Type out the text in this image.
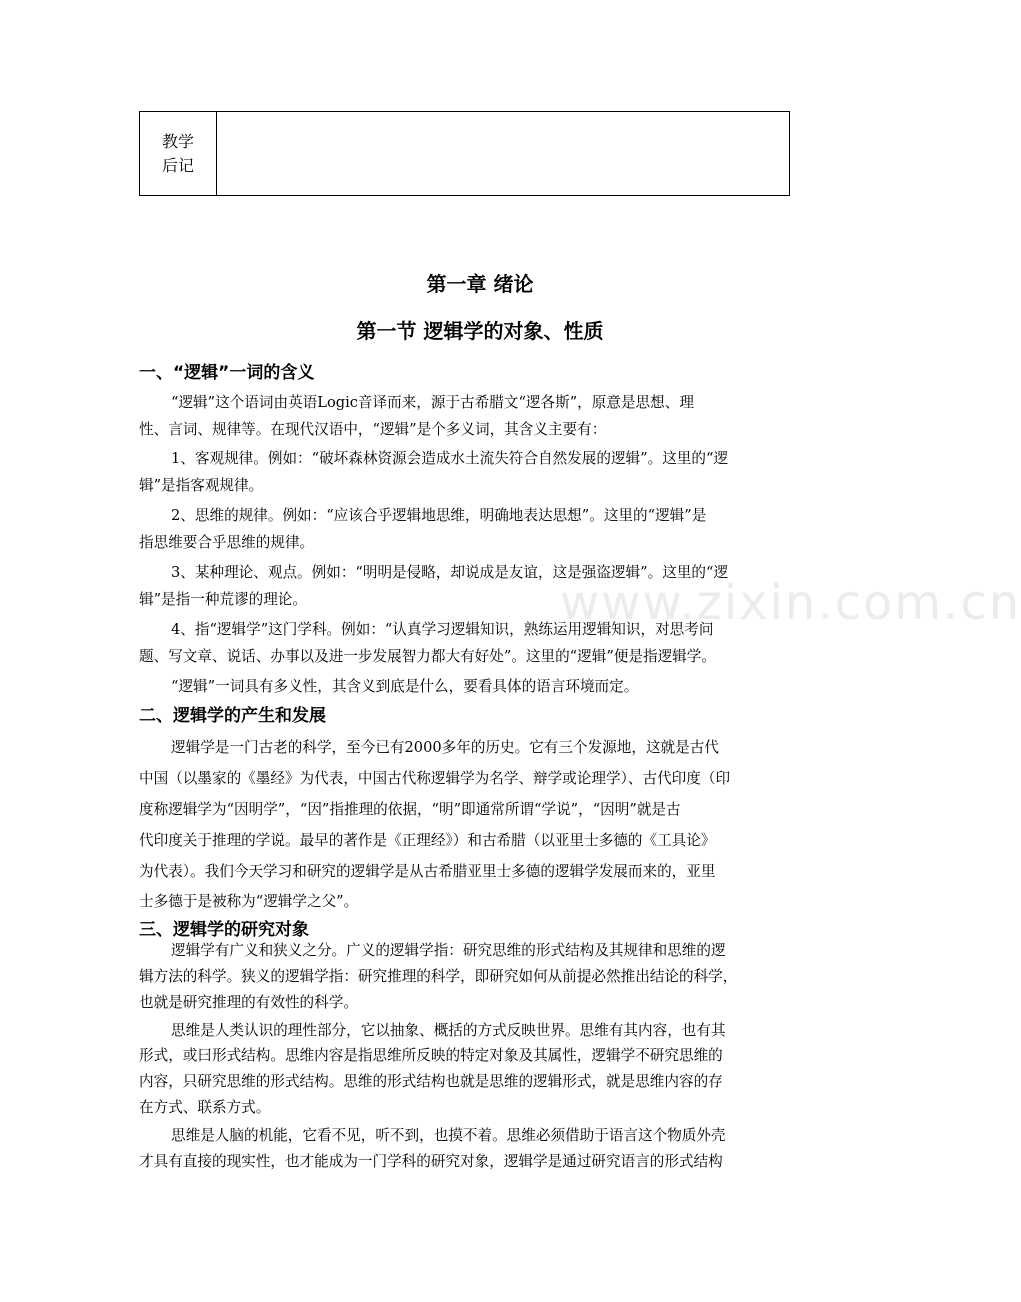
教学
后记

第一章 绪论
第一节 逻辑学的对象、性质
一、“逻辑”一词的含义
“逻辑”这个语词由英语Logic音译而来，源于古希腊文“逻各斯”，原意是思想、理
性、言词、规律等。在现代汉语中，“逻辑”是个多义词，其含义主要有：
1、客观规律。例如：“破坏森林资源会造成水土流失符合自然发展的逻辑”。这里的“逻
辑”是指客观规律。
2、思维的规律。例如：“应该合乎逻辑地思维，明确地表达思想”。这里的“逻辑”是
指思维要合乎思维的规律。
3、某种理论、观点。例如：“明明是侵略，却说成是友谊，这是强盗逻辑”。这里的“逻
辑”是指一种荒谬的理论。
4、指“逻辑学”这门学科。例如：“认真学习逻辑知识，熟练运用逻辑知识，对思考问
题、写文章、说话、办事以及进一步发展智力都大有好处”。这里的“逻辑”便是指逻辑学。
“逻辑”一词具有多义性，其含义到底是什么，要看具体的语言环境而定。
二、逻辑学的产生和发展
逻辑学是一门古老的科学，至今已有2000多年的历史。它有三个发源地，这就是古代
中国（以墨家的《墨经》为代表，中国古代称逻辑学为名学、辩学或论理学）、古代印度（印
度称逻辑学为“因明学”，“因”指推理的依据，“明”即通常所谓“学说”，“因明”就是古
代印度关于推理的学说。最早的著作是《正理经》）和古希腊（以亚里士多德的《工具论》
为代表）。我们今天学习和研究的逻辑学是从古希腊亚里士多德的逻辑学发展而来的，亚里
士多德于是被称为“逻辑学之父”。
三、逻辑学的研究对象
逻辑学有广义和狭义之分。广义的逻辑学指：研究思维的形式结构及其规律和思维的逻
辑方法的科学。狭义的逻辑学指：研究推理的科学，即研究如何从前提必然推出结论的科学，
也就是研究推理的有效性的科学。
思维是人类认识的理性部分，它以抽象、概括的方式反映世界。思维有其内容，也有其
形式，或曰形式结构。思维内容是指思维所反映的特定对象及其属性，逻辑学不研究思维的
内容，只研究思维的形式结构。思维的形式结构也就是思维的逻辑形式，就是思维内容的存
在方式、联系方式。
思维是人脑的机能，它看不见，听不到，也摸不着。思维必须借助于语言这个物质外壳
才具有直接的现实性，也才能成为一门学科的研究对象，逻辑学是通过研究语言的形式结构
www.zixin.com.cn
